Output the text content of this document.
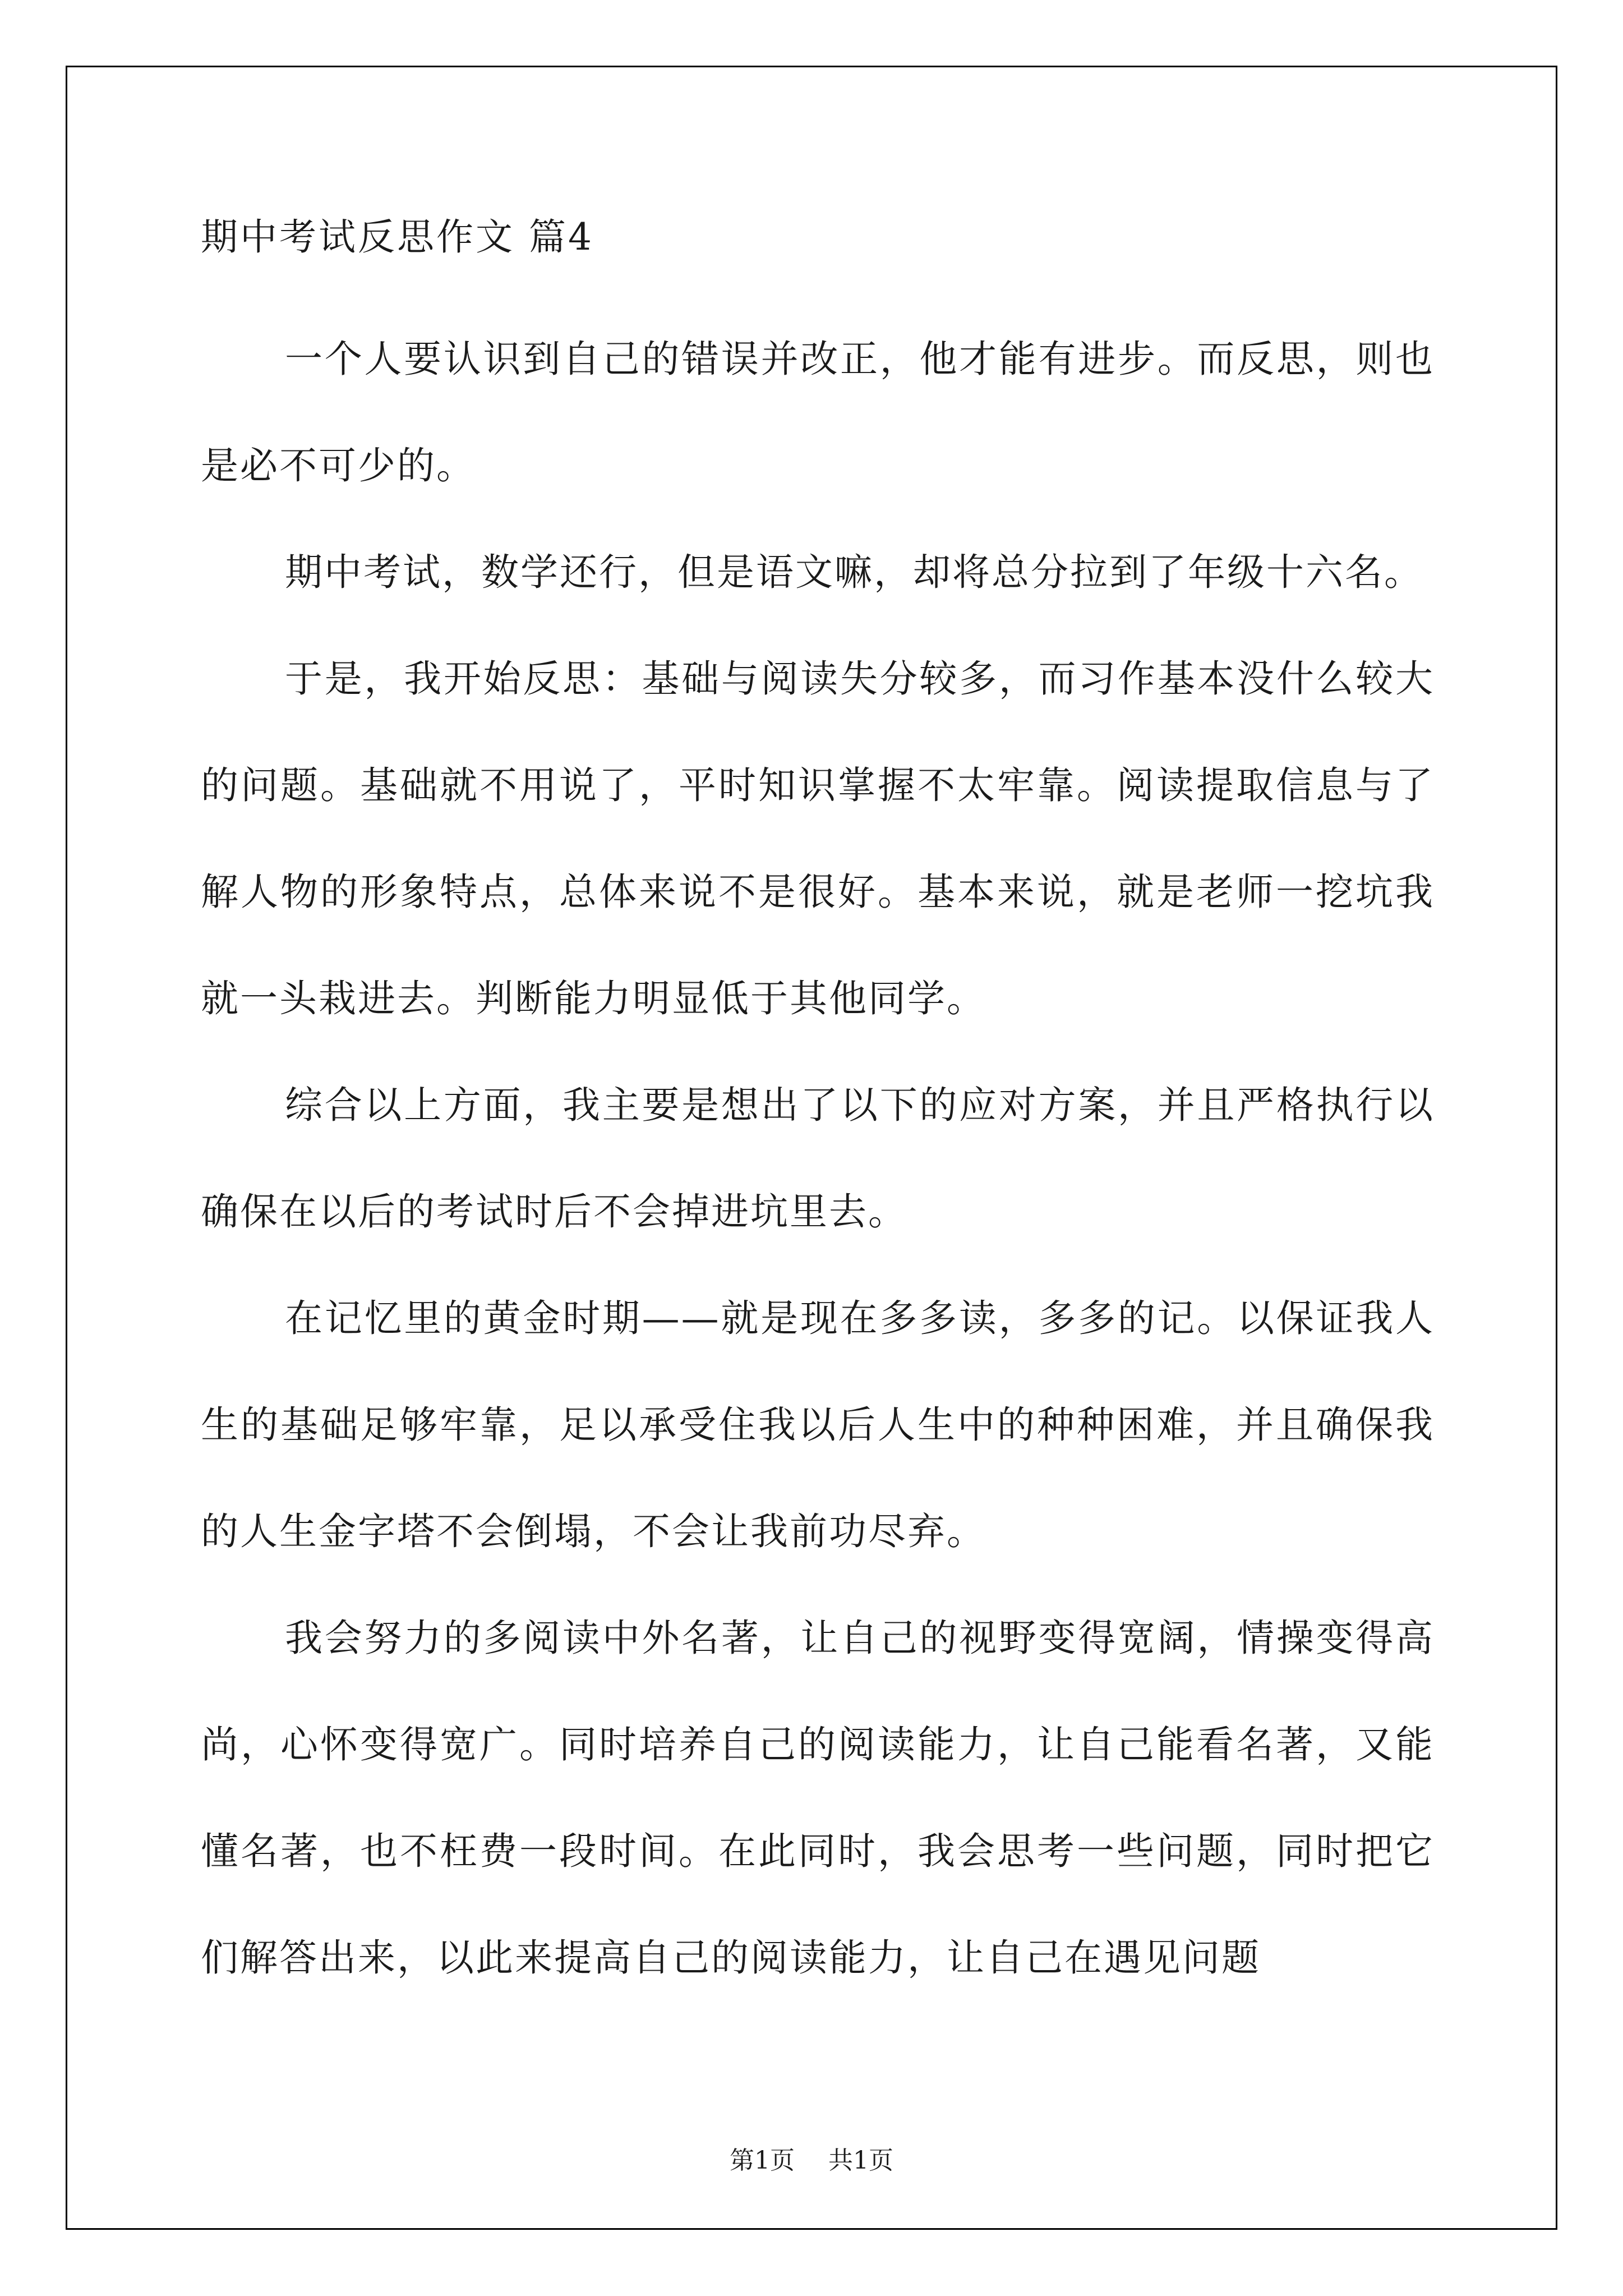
期中考试反思作文 篇4

一个人要认识到自己的错误并改正，他才能有进步。而反思，则也是必不可少的。

期中考试，数学还行，但是语文嘛，却将总分拉到了年级十六名。

于是，我开始反思：基础与阅读失分较多，而习作基本没什么较大的问题。基础就不用说了，平时知识掌握不太牢靠。阅读提取信息与了解人物的形象特点，总体来说不是很好。基本来说，就是老师一挖坑我就一头栽进去。判断能力明显低于其他同学。

综合以上方面，我主要是想出了以下的应对方案，并且严格执行以确保在以后的考试时后不会掉进坑里去。

在记忆里的黄金时期——就是现在多多读，多多的记。以保证我人生的基础足够牢靠，足以承受住我以后人生中的种种困难，并且确保我的人生金字塔不会倒塌，不会让我前功尽弃。

我会努力的多阅读中外名著，让自己的视野变得宽阔，情操变得高尚，心怀变得宽广。同时培养自己的阅读能力，让自己能看名著，又能懂名著，也不枉费一段时间。在此同时，我会思考一些问题，同时把它们解答出来，以此来提高自己的阅读能力，让自己在遇见问题

第1页 共1页
